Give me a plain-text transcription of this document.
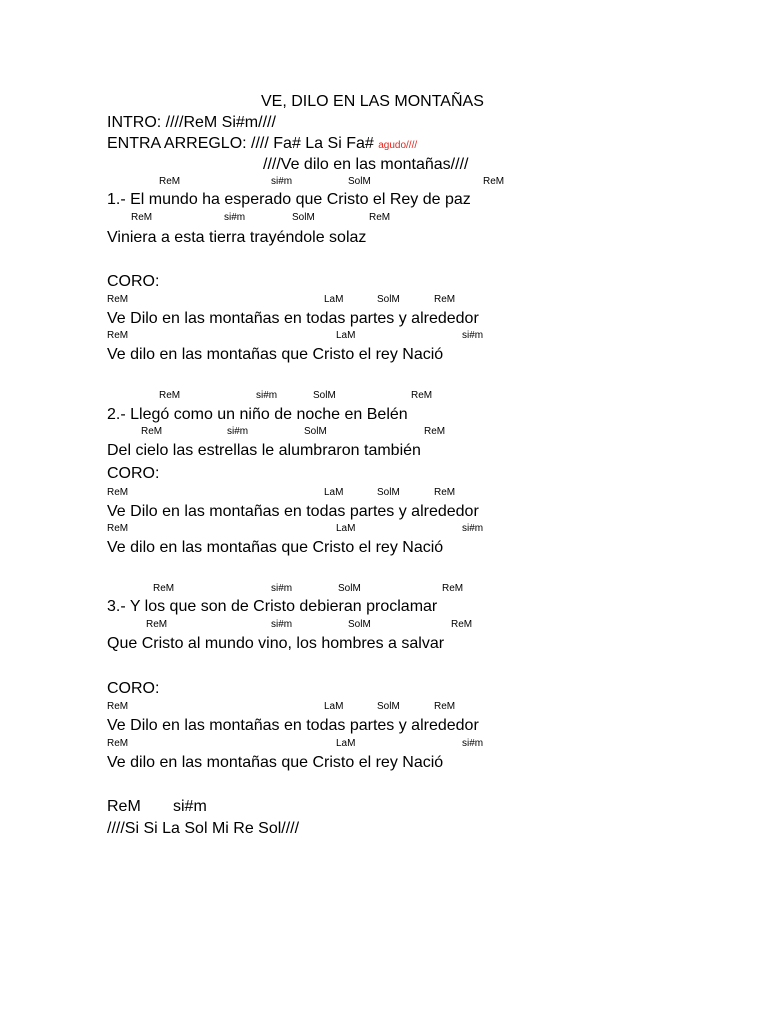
VE, DILO EN LAS MONTAÑAS
INTRO: ////ReM Si#m////
ENTRA ARREGLO: //// Fa# La Si Fa# agudo////
////Ve dilo en las montañas////
ReM	si#m	SolM	ReM
1.- El mundo ha esperado que Cristo el Rey de paz
ReM	si#m	SolM	ReM
Viniera a esta tierra trayéndole solaz
CORO:
ReM	LaM	SolM	ReM
Ve Dilo en las montañas en todas partes y alrededor
ReM	LaM	si#m
Ve dilo en las montañas que Cristo el rey Nació
ReM	si#m	SolM	ReM
2.- Llegó como un niño de noche en Belén
ReM	si#m	SolM	ReM
Del cielo las estrellas le alumbraron también
CORO:
ReM	LaM	SolM	ReM
Ve Dilo en las montañas en todas partes y alrededor
ReM	LaM	si#m
Ve dilo en las montañas que Cristo el rey Nació
ReM	si#m	SolM	ReM
3.- Y los que son de Cristo debieran proclamar
ReM	si#m	SolM	ReM
Que Cristo al mundo vino, los hombres a salvar
CORO:
ReM	LaM	SolM	ReM
Ve Dilo en las montañas en todas partes y alrededor
ReM	LaM	si#m
Ve dilo en las montañas que Cristo el rey Nació
ReM si#m
////Si Si La Sol Mi Re Sol////
